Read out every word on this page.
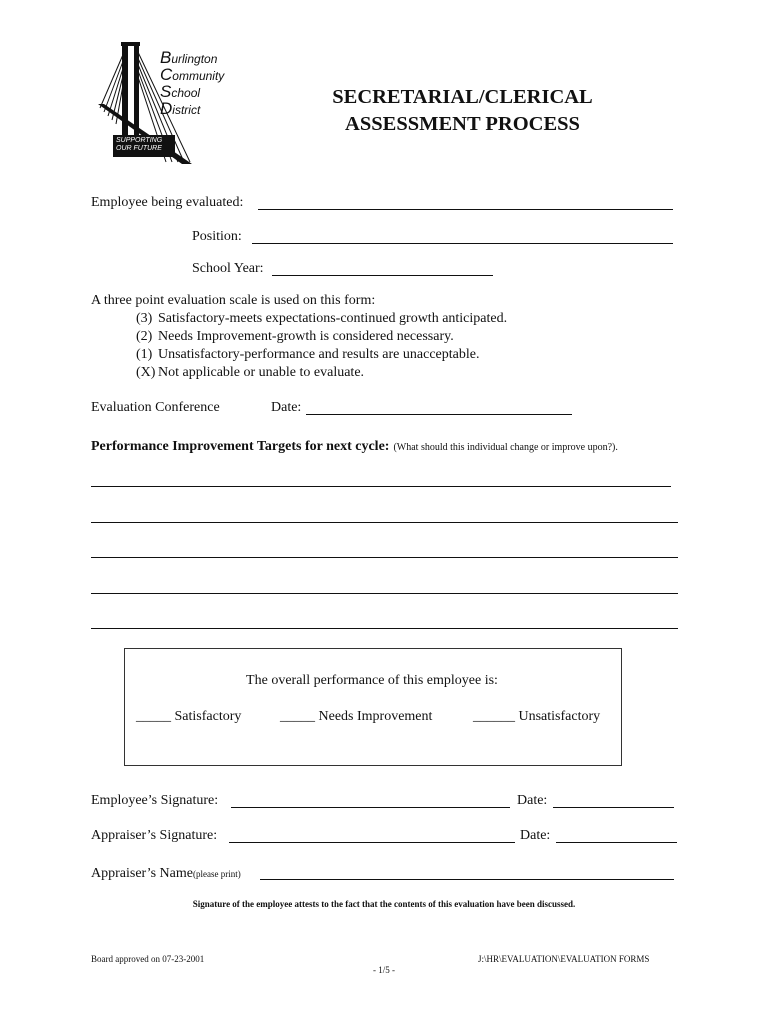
Burlington
Community
School
District
SUPPORTING
OUR FUTURE
SECRETARIAL/CLERICAL
ASSESSMENT PROCESS
Employee being evaluated:
Position:
School Year:
A three point evaluation scale is used on this form:
(3) Satisfactory-meets expectations-continued growth anticipated.
(2) Needs Improvement-growth is considered necessary.
(1) Unsatisfactory-performance and results are unacceptable.
(X) Not applicable or unable to evaluate.
Evaluation Conference	Date:
Performance Improvement Targets for next cycle: (What should this individual change or improve upon?).
The overall performance of this employee is:
_____ Satisfactory	_____ Needs Improvement	______ Unsatisfactory
Employee’s Signature:	Date:
Appraiser’s Signature:	Date:
Appraiser’s Name(please print)
Signature of the employee attests to the fact that the contents of this evaluation have been discussed.
Board approved on 07-23-2001	J:\HR\EVALUATION\EVALUATION FORMS
- 1/5 -
